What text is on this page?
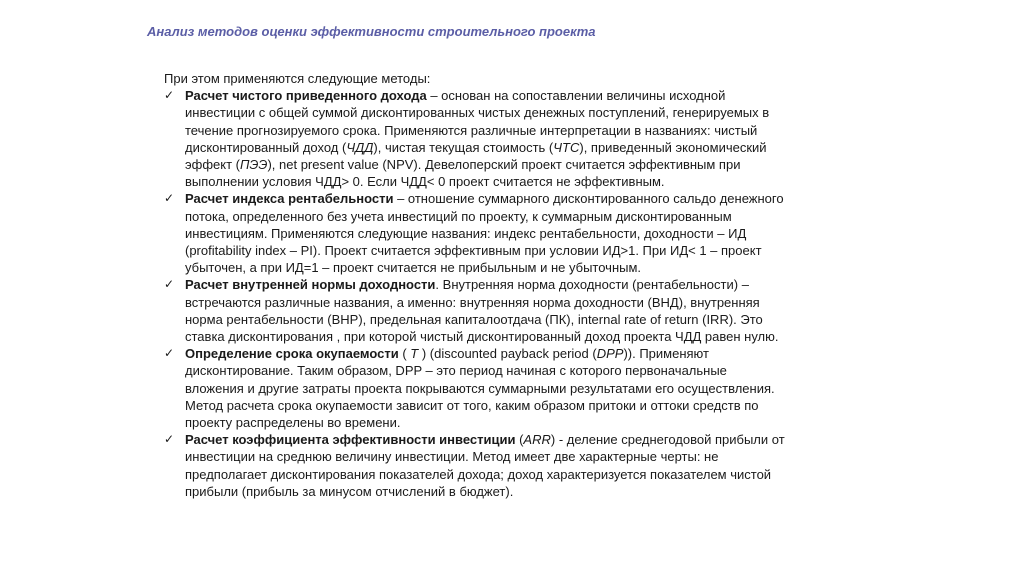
Анализ методов оценки эффективности строительного проекта

При этом применяются следующие методы:

✓ Расчет чистого приведенного дохода – основан на сопоставлении величины исходной
инвестиции с общей суммой дисконтированных чистых денежных поступлений, генерируемых в
течение прогнозируемого срока. Применяются различные интерпретации в названиях: чистый
дисконтированный доход (ЧДД), чистая текущая стоимость (ЧТС), приведенный экономический
эффект (ПЭЭ), net present value (NPV). Девелоперский проект считается эффективным при
выполнении условия ЧДД> 0. Если ЧДД< 0 проект считается не эффективным.
✓ Расчет индекса рентабельности – отношение суммарного дисконтированного сальдо денежного
потока, определенного без учета инвестиций по проекту, к суммарным дисконтированным
инвестициям. Применяются следующие названия: индекс рентабельности, доходности – ИД
(profitability index – PI). Проект считается эффективным при условии ИД>1. При ИД< 1 – проект
убыточен, а при ИД=1 – проект считается не прибыльным и не убыточным.
✓ Расчет внутренней нормы доходности. Внутренняя норма доходности (рентабельности) –
встречаются различные названия, а именно: внутренняя норма доходности (ВНД), внутренняя
норма рентабельности (ВНР), предельная капиталоотдача (ПК), internal rate of return (IRR). Это
ставка дисконтирования , при которой чистый дисконтированный доход проекта ЧДД равен нулю.
✓ Определение срока окупаемости ( T ) (discounted payback period (DPP)). Применяют
дисконтирование. Таким образом, DPP – это период начиная с которого первоначальные
вложения и другие затраты проекта покрываются суммарными результатами его осуществления.
Метод расчета срока окупаемости зависит от того, каким образом притоки и оттоки средств по
проекту распределены во времени.
✓ Расчет коэффициента эффективности инвестиции (ARR) - деление среднегодовой прибыли от
инвестиции на среднюю величину инвестиции. Метод имеет две характерные черты: не
предполагает дисконтирования показателей дохода; доход характеризуется показателем чистой
прибыли (прибыль за минусом отчислений в бюджет).
